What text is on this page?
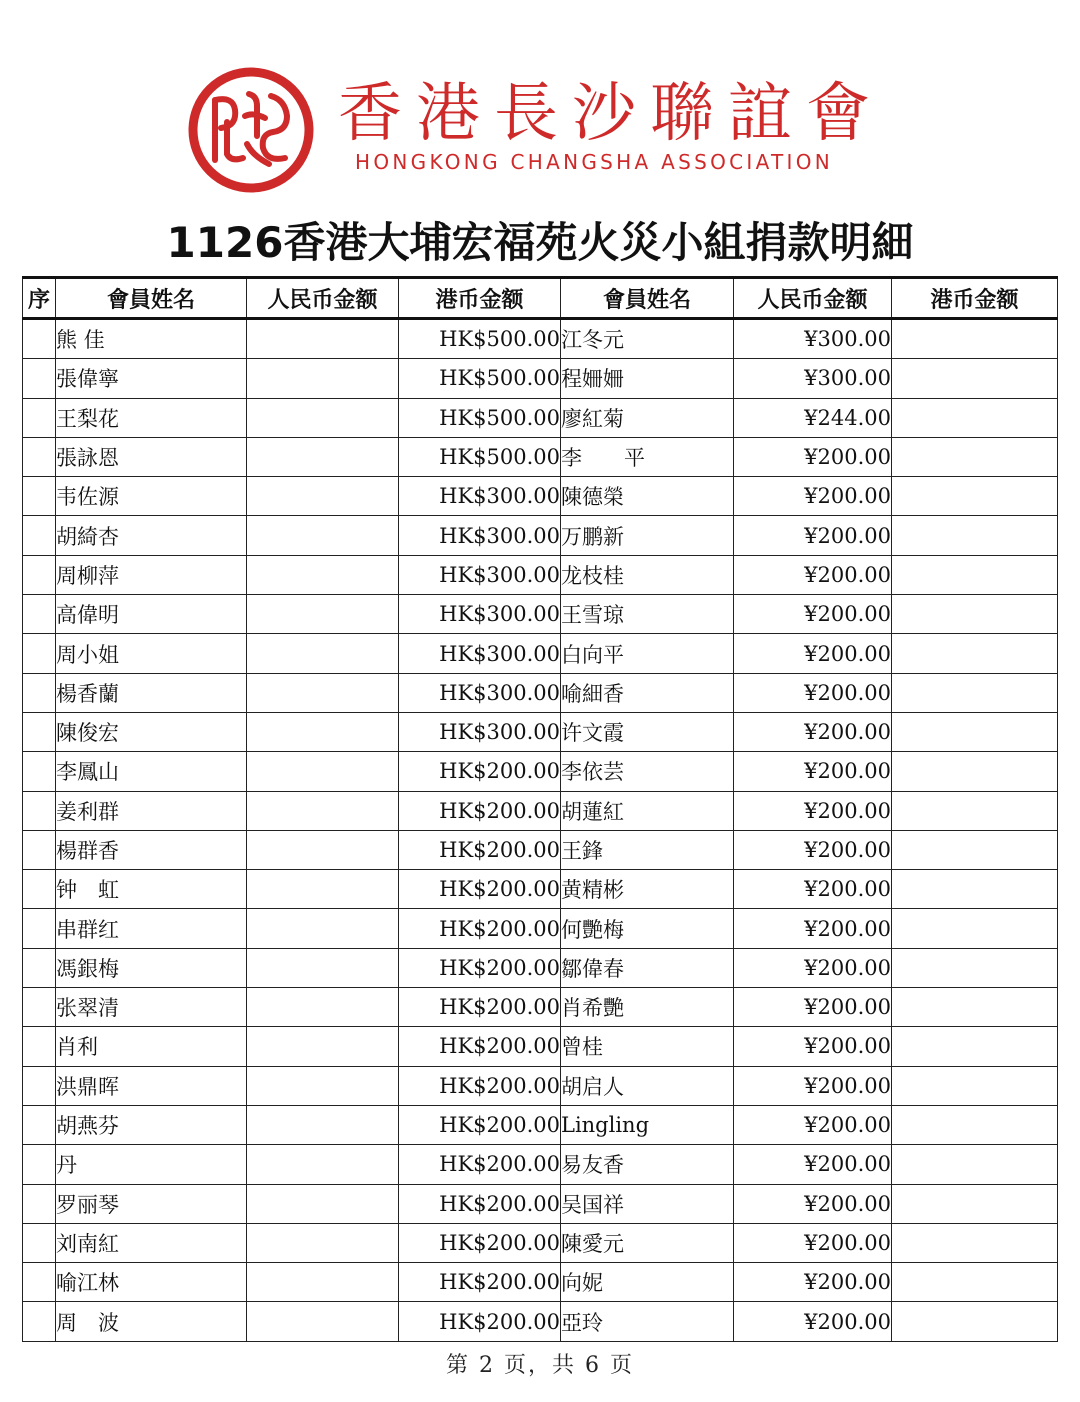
香港長沙聯誼會
HONGKONG CHANGSHA ASSOCIATION
1126香港大埔宏福苑火災小組捐款明細
序	會員姓名	人民币金额	港币金额	會員姓名	人民币金额	港币金额
	熊 佳		HK$500.00	江冬元	¥300.00	
	張偉寧		HK$500.00	程姍姍	¥300.00	
	王梨花		HK$500.00	廖紅菊	¥244.00	
	張詠恩		HK$500.00	李　　平	¥200.00	
	韦佐源		HK$300.00	陳德榮	¥200.00	
	胡綺杏		HK$300.00	万鹏新	¥200.00	
	周柳萍		HK$300.00	龙枝桂	¥200.00	
	高偉明		HK$300.00	王雪琼	¥200.00	
	周小姐		HK$300.00	白向平	¥200.00	
	楊香蘭		HK$300.00	喻細香	¥200.00	
	陳俊宏		HK$300.00	许文霞	¥200.00	
	李鳳山		HK$200.00	李依芸	¥200.00	
	姜利群		HK$200.00	胡蓮紅	¥200.00	
	楊群香		HK$200.00	王鋒	¥200.00	
	钟　虹		HK$200.00	黄精彬	¥200.00	
	串群红		HK$200.00	何艷梅	¥200.00	
	馮銀梅		HK$200.00	鄒偉春	¥200.00	
	张翠清		HK$200.00	肖希艷	¥200.00	
	肖利		HK$200.00	曾桂	¥200.00	
	洪鼎晖		HK$200.00	胡启人	¥200.00	
	胡燕芬		HK$200.00	Lingling	¥200.00	
	丹		HK$200.00	易友香	¥200.00	
	罗丽琴		HK$200.00	吴国祥	¥200.00	
	刘南紅		HK$200.00	陳愛元	¥200.00	
	喻江林		HK$200.00	向妮	¥200.00	
	周　波		HK$200.00	亞玲	¥200.00	
第 2 页，共 6 页
